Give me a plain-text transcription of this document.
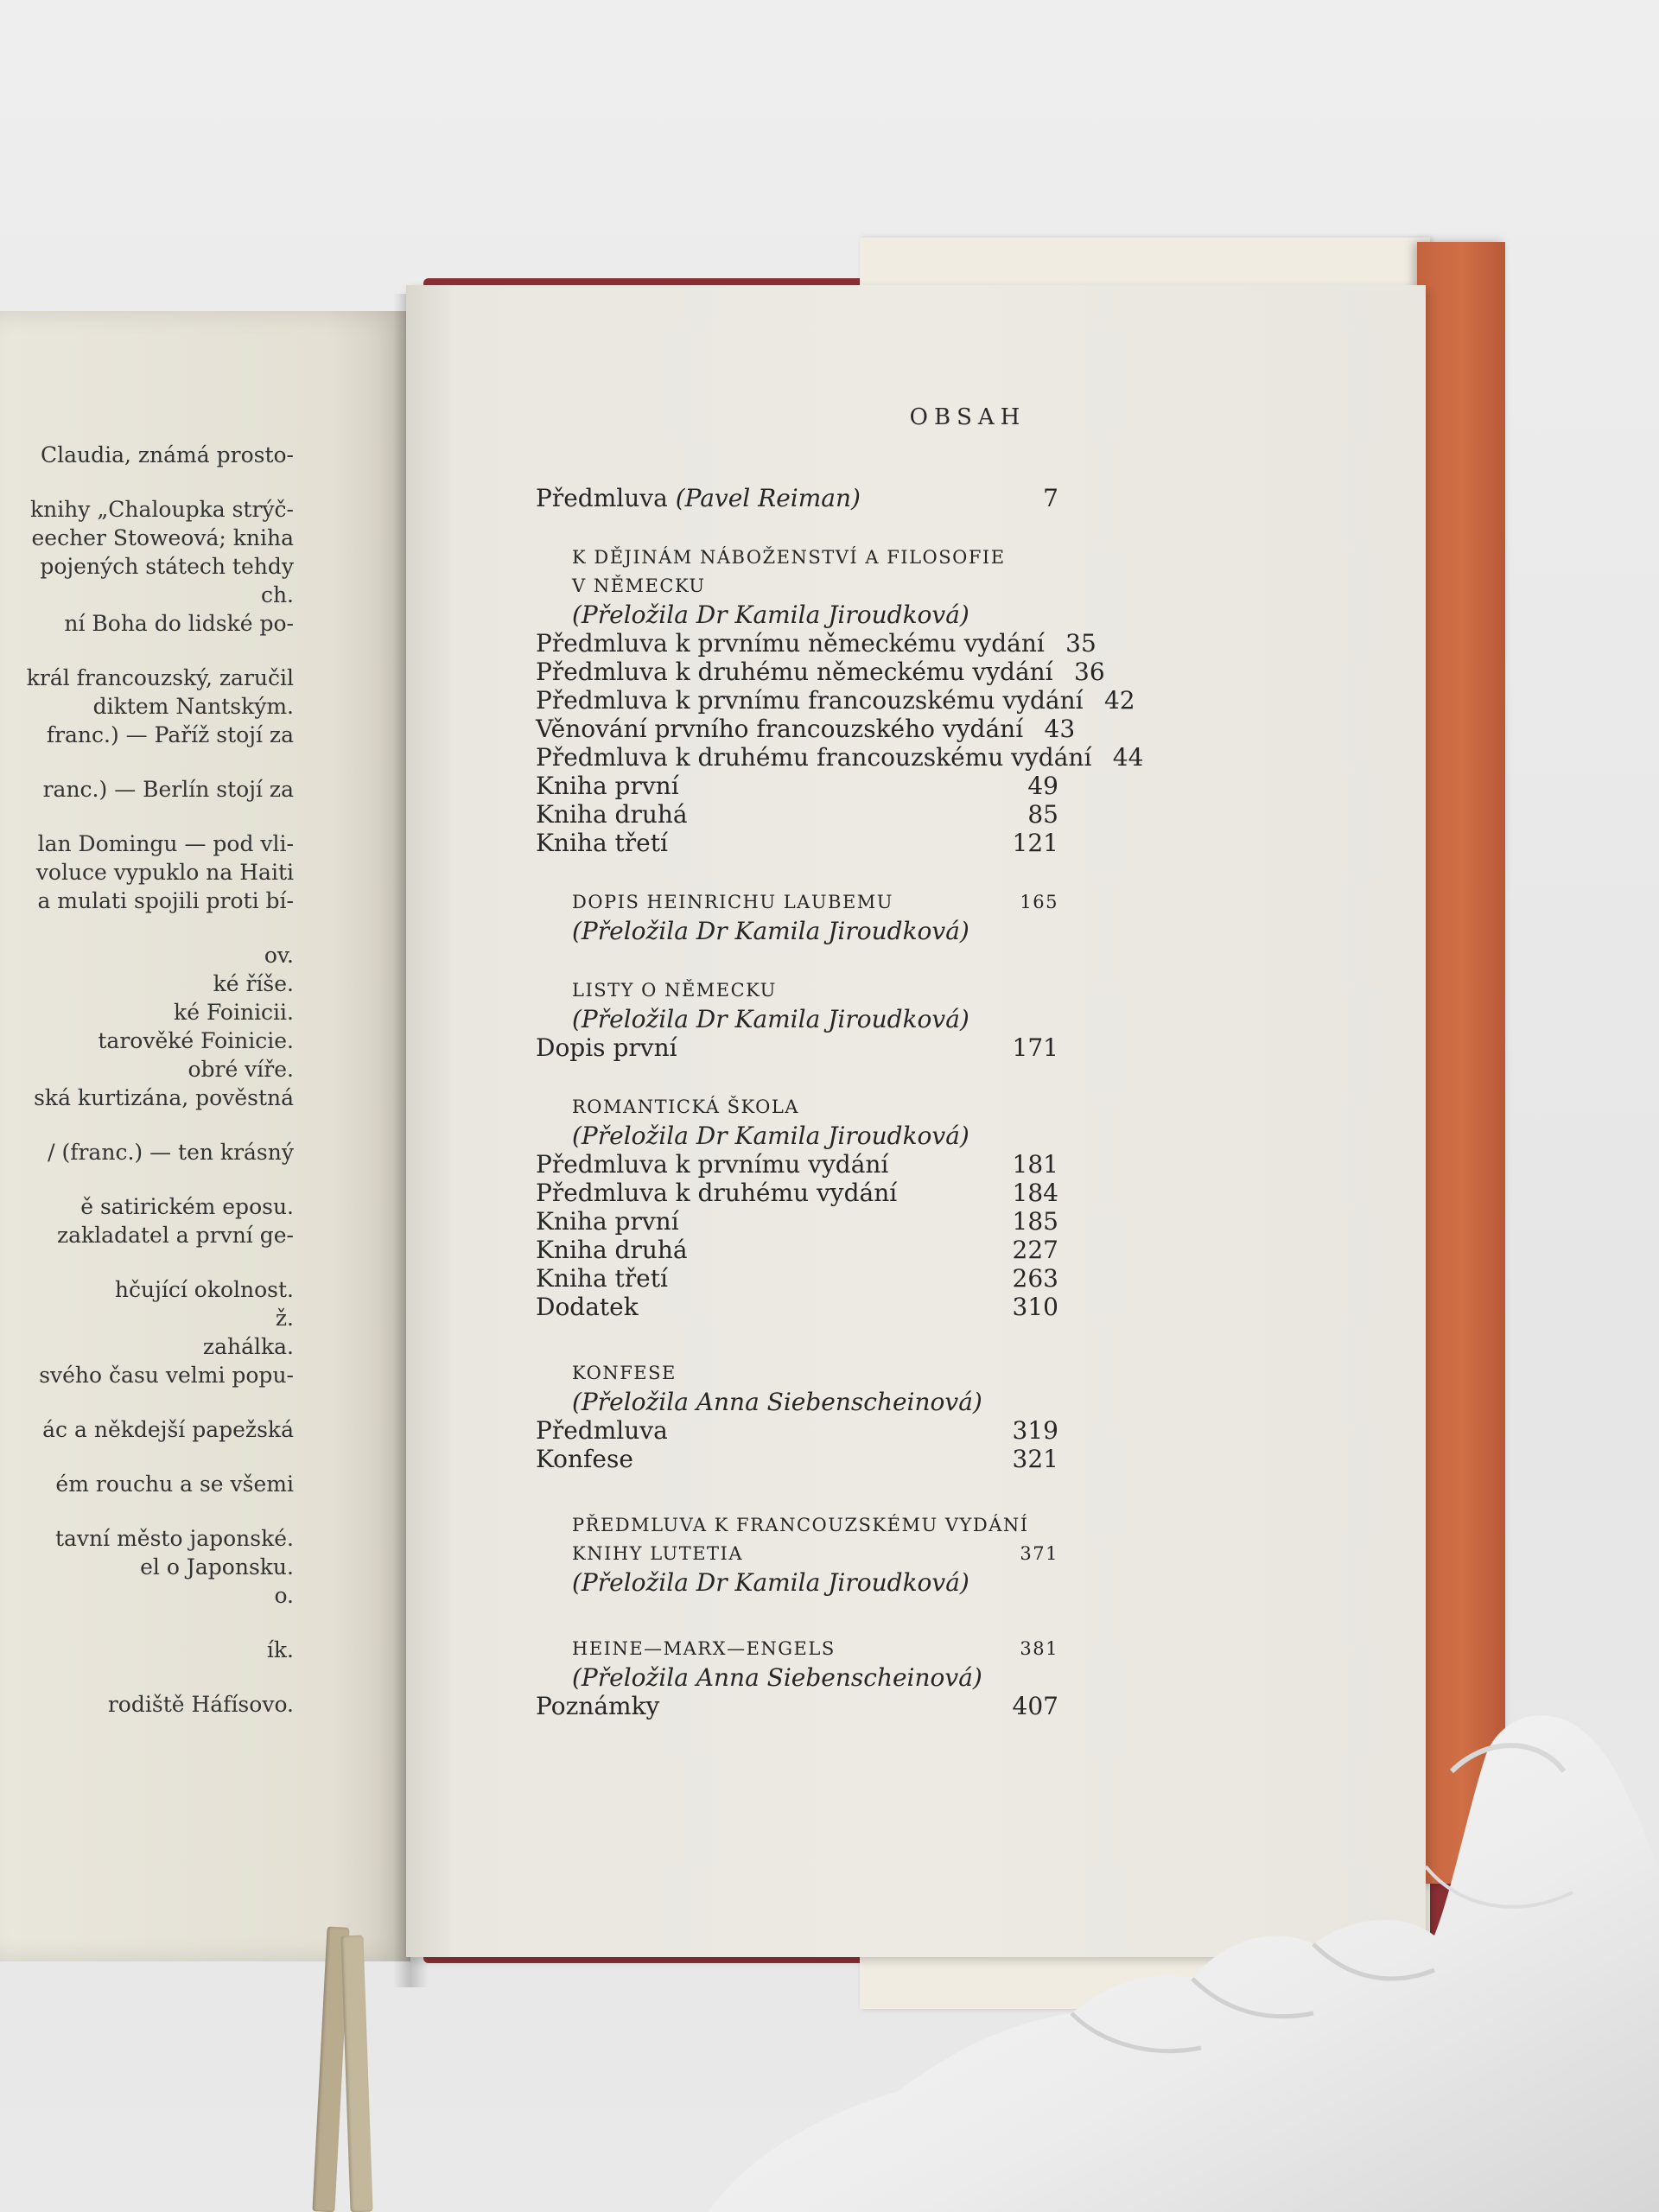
Claudia, známá prosto-
knihy „Chaloupka strýč-
eecher Stoweová; kniha
pojených státech tehdy
ch.
ní Boha do lidské po-
král francouzský, zaručil
diktem Nantským.
franc.) — Paříž stojí za
ranc.) — Berlín stojí za
lan Domingu — pod vli-
voluce vypuklo na Haiti
a mulati spojili proti bí-
ov.
ké říše.
ké Foinicii.
tarověké Foinicie.
obré víře.
ská kurtizána, pověstná
/ (franc.) — ten krásný
ě satirickém eposu.
zakladatel a první ge-
hčující okolnost.
ž.
zahálka.
svého času velmi popu-
ác a někdejší papežská
ém rouchu a se všemi
tavní město japonské.
el o Japonsku.
o.
ík.
rodiště Háfísovo.
OBSAH
Předmluva (Pavel Reiman)	7
K DĚJINÁM NÁBOŽENSTVÍ A FILOSOFIE
V NĚMECKU
(Přeložila Dr Kamila Jiroudková)
Předmluva k prvnímu německému vydání 35
Předmluva k druhému německému vydání 36
Předmluva k prvnímu francouzskému vydání 42
Věnování prvního francouzského vydání 43
Předmluva k druhému francouzskému vydání 44
Kniha první	49
Kniha druhá	85
Kniha třetí	121
DOPIS HEINRICHU LAUBEMU	165
(Přeložila Dr Kamila Jiroudková)
LISTY O NĚMECKU
(Přeložila Dr Kamila Jiroudková)
Dopis první	171
ROMANTICKÁ ŠKOLA
(Přeložila Dr Kamila Jiroudková)
Předmluva k prvnímu vydání	181
Předmluva k druhému vydání	184
Kniha první	185
Kniha druhá	227
Kniha třetí	263
Dodatek	310
KONFESE
(Přeložila Anna Siebenscheinová)
Předmluva	319
Konfese	321
PŘEDMLUVA K FRANCOUZSKÉMU VYDÁNÍ
KNIHY LUTETIA	371
(Přeložila Dr Kamila Jiroudková)
HEINE—MARX—ENGELS	381
(Přeložila Anna Siebenscheinová)
Poznámky	407
